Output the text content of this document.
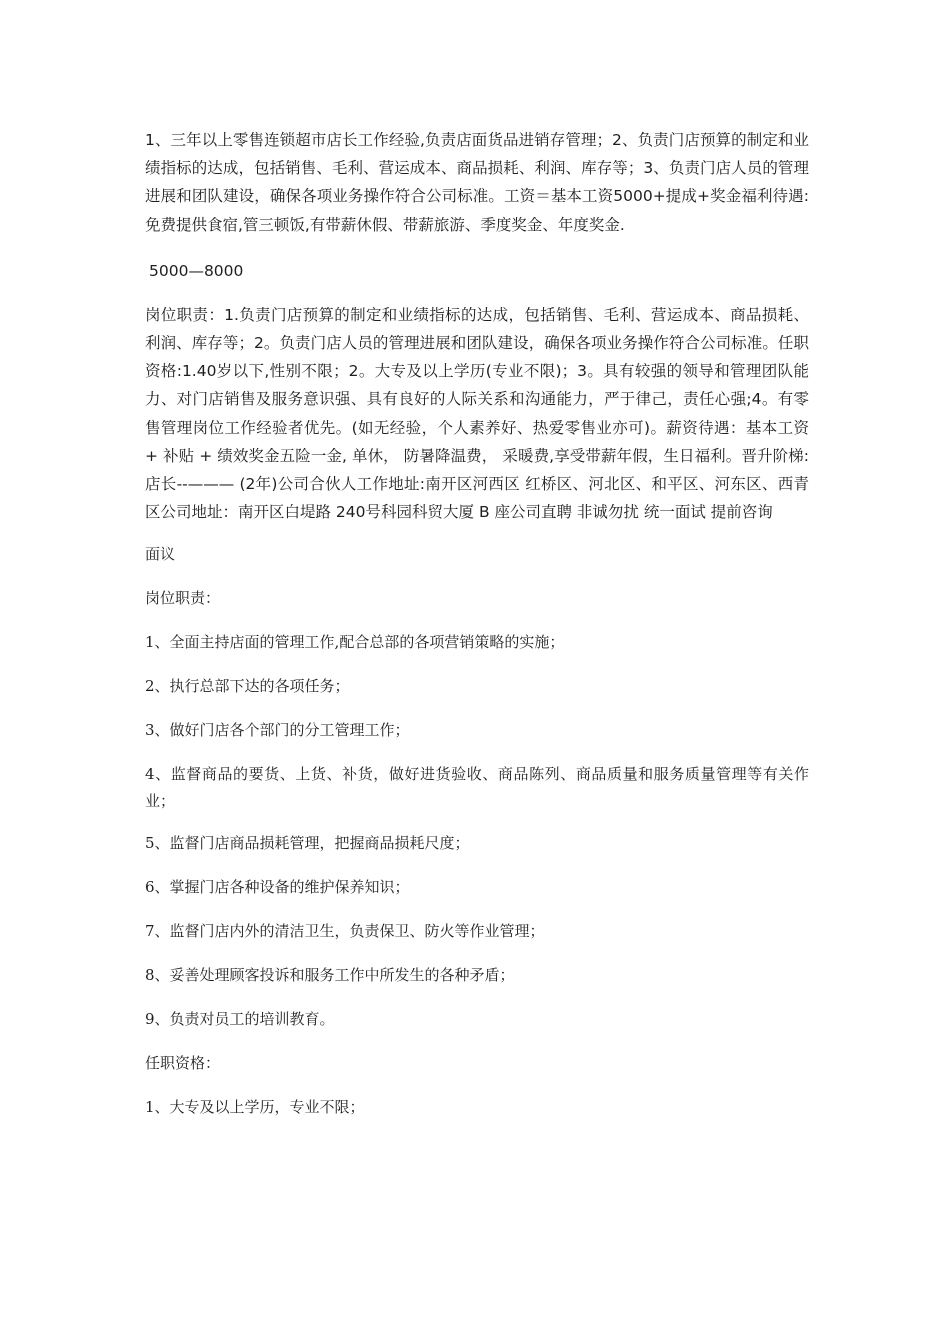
1、三年以上零售连锁超市店长工作经验,负责店面货品进销存管理；2、负责门店预算的制定和业绩指标的达成，包括销售、毛利、营运成本、商品损耗、利润、库存等；3、负责门店人员的管理进展和团队建设，确保各项业务操作符合公司标准。工资＝基本工资5000+提成+奖金福利待遇:免费提供食宿,管三顿饭,有带薪休假、带薪旅游、季度奖金、年度奖金.

5000—8000

岗位职责：1.负责门店预算的制定和业绩指标的达成，包括销售、毛利、营运成本、商品损耗、利润、库存等；2。负责门店人员的管理进展和团队建设，确保各项业务操作符合公司标准。任职资格:1.40岁以下,性别不限；2。大专及以上学历(专业不限)；3。具有较强的领导和管理团队能力、对门店销售及服务意识强、具有良好的人际关系和沟通能力，严于律己，责任心强;4。有零售管理岗位工作经验者优先。(如无经验，个人素养好、热爱零售业亦可)。薪资待遇：基本工资 + 补贴 + 绩效奖金五险一金, 单休， 防暑降温费， 采暖费,享受带薪年假，生日福利。晋升阶梯: 店长--——— (2年)公司合伙人工作地址:南开区河西区 红桥区、河北区、和平区、河东区、西青区公司地址：南开区白堤路 240号科园科贸大厦 B 座公司直聘 非诚勿扰 统一面试 提前咨询

面议

岗位职责：

1、全面主持店面的管理工作,配合总部的各项营销策略的实施；

2、执行总部下达的各项任务；

3、做好门店各个部门的分工管理工作；

4、监督商品的要货、上货、补货，做好进货验收、商品陈列、商品质量和服务质量管理等有关作业；

5、监督门店商品损耗管理，把握商品损耗尺度；

6、掌握门店各种设备的维护保养知识；

7、监督门店内外的清洁卫生，负责保卫、防火等作业管理；

8、妥善处理顾客投诉和服务工作中所发生的各种矛盾；

9、负责对员工的培训教育。

任职资格：

1、大专及以上学历，专业不限；
